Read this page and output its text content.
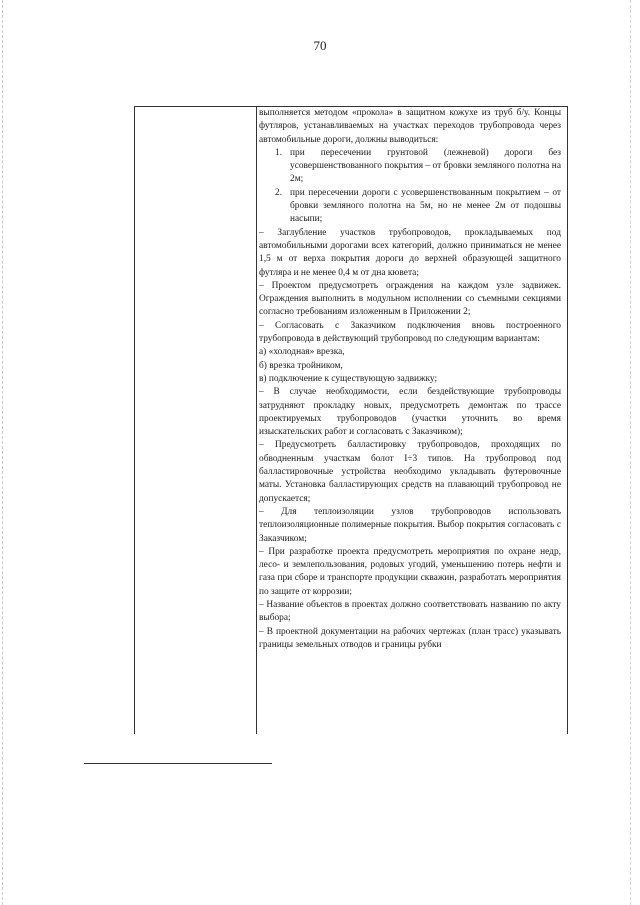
70

выполняется методом «прокола» в защитном кожухе из труб б/у. Концы футляров, устанавливаемых на участках переходов трубопровода через автомобильные дороги, должны выводиться:

1. при пересечении грунтовой (лежневой) дороги без усовершенствованного покрытия – от бровки земляного полотна на 2м;
2. при пересечении дороги с усовершенствованным покрытием – от бровки земляного полотна на 5м, но не менее 2м от подошвы насыпи;

– Заглубление участков трубопроводов, прокладываемых под автомобильными дорогами всех категорий, должно приниматься не менее 1,5 м от верха покрытия дороги до верхней образующей защитного футляра и не менее 0,4 м от дна кювета;

– Проектом предусмотреть ограждения на каждом узле задвижек. Ограждения выполнить в модульном исполнении со съемными секциями согласно требованиям изложенным в Приложении 2;

– Согласовать с Заказчиком подключения вновь построенного трубопровода в действующий трубопровод по следующим вариантам:

а) «холодная» врезка,

б) врезка тройником,

в) подключение к существующую задвижку;

– В случае необходимости, если бездействующие трубопроводы затрудняют прокладку новых, предусмотреть демонтаж по трассе проектируемых трубопроводов (участки уточнить во время изыскательских работ и согласовать с Заказчиком);

– Предусмотреть балластировку трубопроводов, проходящих по обводненным участкам болот I÷3 типов. На трубопровод под балластировочные устройства необходимо укладывать футеровочные маты. Установка балластирующих средств на плавающий трубопровод не допускается;

– Для теплоизоляции узлов трубопроводов использовать теплоизоляционные полимерные покрытия. Выбор покрытия согласовать с Заказчиком;

– При разработке проекта предусмотреть мероприятия по охране недр, лесо- и землепользования, родовых угодий, уменьшению потерь нефти и газа при сборе и транспорте продукции скважин, разработать мероприятия по защите от коррозии;

– Название объектов в проектах должно соответствовать названию по акту выбора;

– В проектной документации на рабочих чертежах (план трасс) указывать границы земельных отводов и границы рубки
